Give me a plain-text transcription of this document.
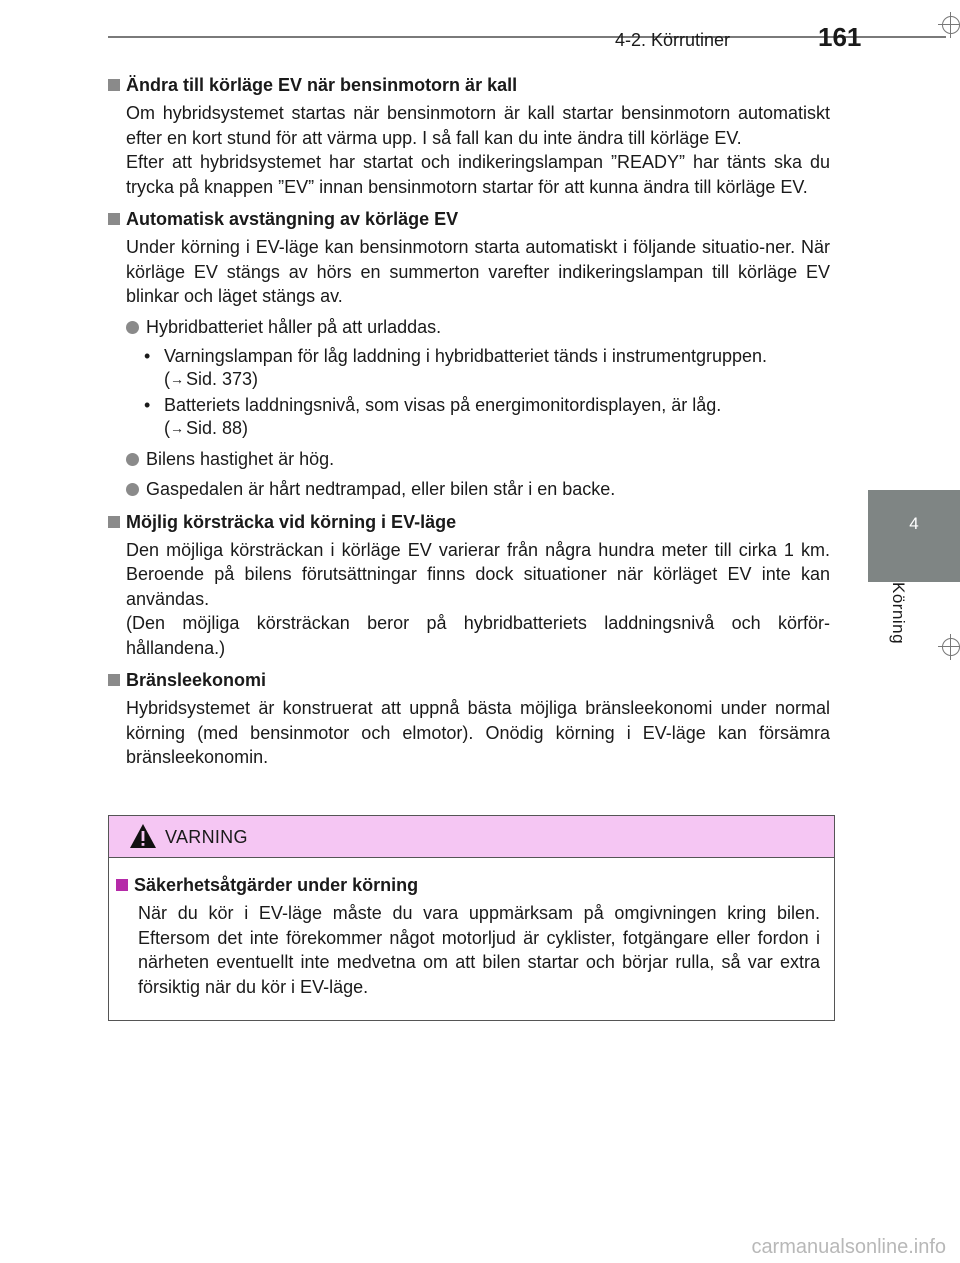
4-2. Körrutiner	161
4
Körning
Ändra till körläge EV när bensinmotorn är kall

Om hybridsystemet startas när bensinmotorn är kall startar bensinmotorn automatiskt efter en kort stund för att värma upp. I så fall kan du inte ändra till körläge EV.

Efter att hybridsystemet har startat och indikeringslampan ”READY” har tänts ska du trycka på knappen ”EV” innan bensinmotorn startar för att kunna ändra till körläge EV.

Automatisk avstängning av körläge EV

Under körning i EV-läge kan bensinmotorn starta automatiskt i följande situatio-ner. När körläge EV stängs av hörs en summerton varefter indikeringslampan till körläge EV blinkar och läget stängs av.

Hybridbatteriet håller på att urladdas.
• Varningslampan för låg laddning i hybridbatteriet tänds i instrumentgruppen.
(→ Sid. 373)
• Batteriets laddningsnivå, som visas på energimonitordisplayen, är låg.
(→ Sid. 88)
Bilens hastighet är hög.
Gaspedalen är hårt nedtrampad, eller bilen står i en backe.
Möjlig körsträcka vid körning i EV-läge

Den möjliga körsträckan i körläge EV varierar från några hundra meter till cirka 1 km. Beroende på bilens förutsättningar finns dock situationer när körläget EV inte kan användas.

(Den möjliga körsträckan beror på hybridbatteriets laddningsnivå och körför-hållandena.)

Bränsleekonomi

Hybridsystemet är konstruerat att uppnå bästa möjliga bränsleekonomi under normal körning (med bensinmotor och elmotor). Onödig körning i EV-läge kan försämra bränsleekonomin.

VARNING
Säkerhetsåtgärder under körning

När du kör i EV-läge måste du vara uppmärksam på omgivningen kring bilen. Eftersom det inte förekommer något motorljud är cyklister, fotgängare eller fordon i närheten eventuellt inte medvetna om att bilen startar och börjar rulla, så var extra försiktig när du kör i EV-läge.

carmanualsonline.info
